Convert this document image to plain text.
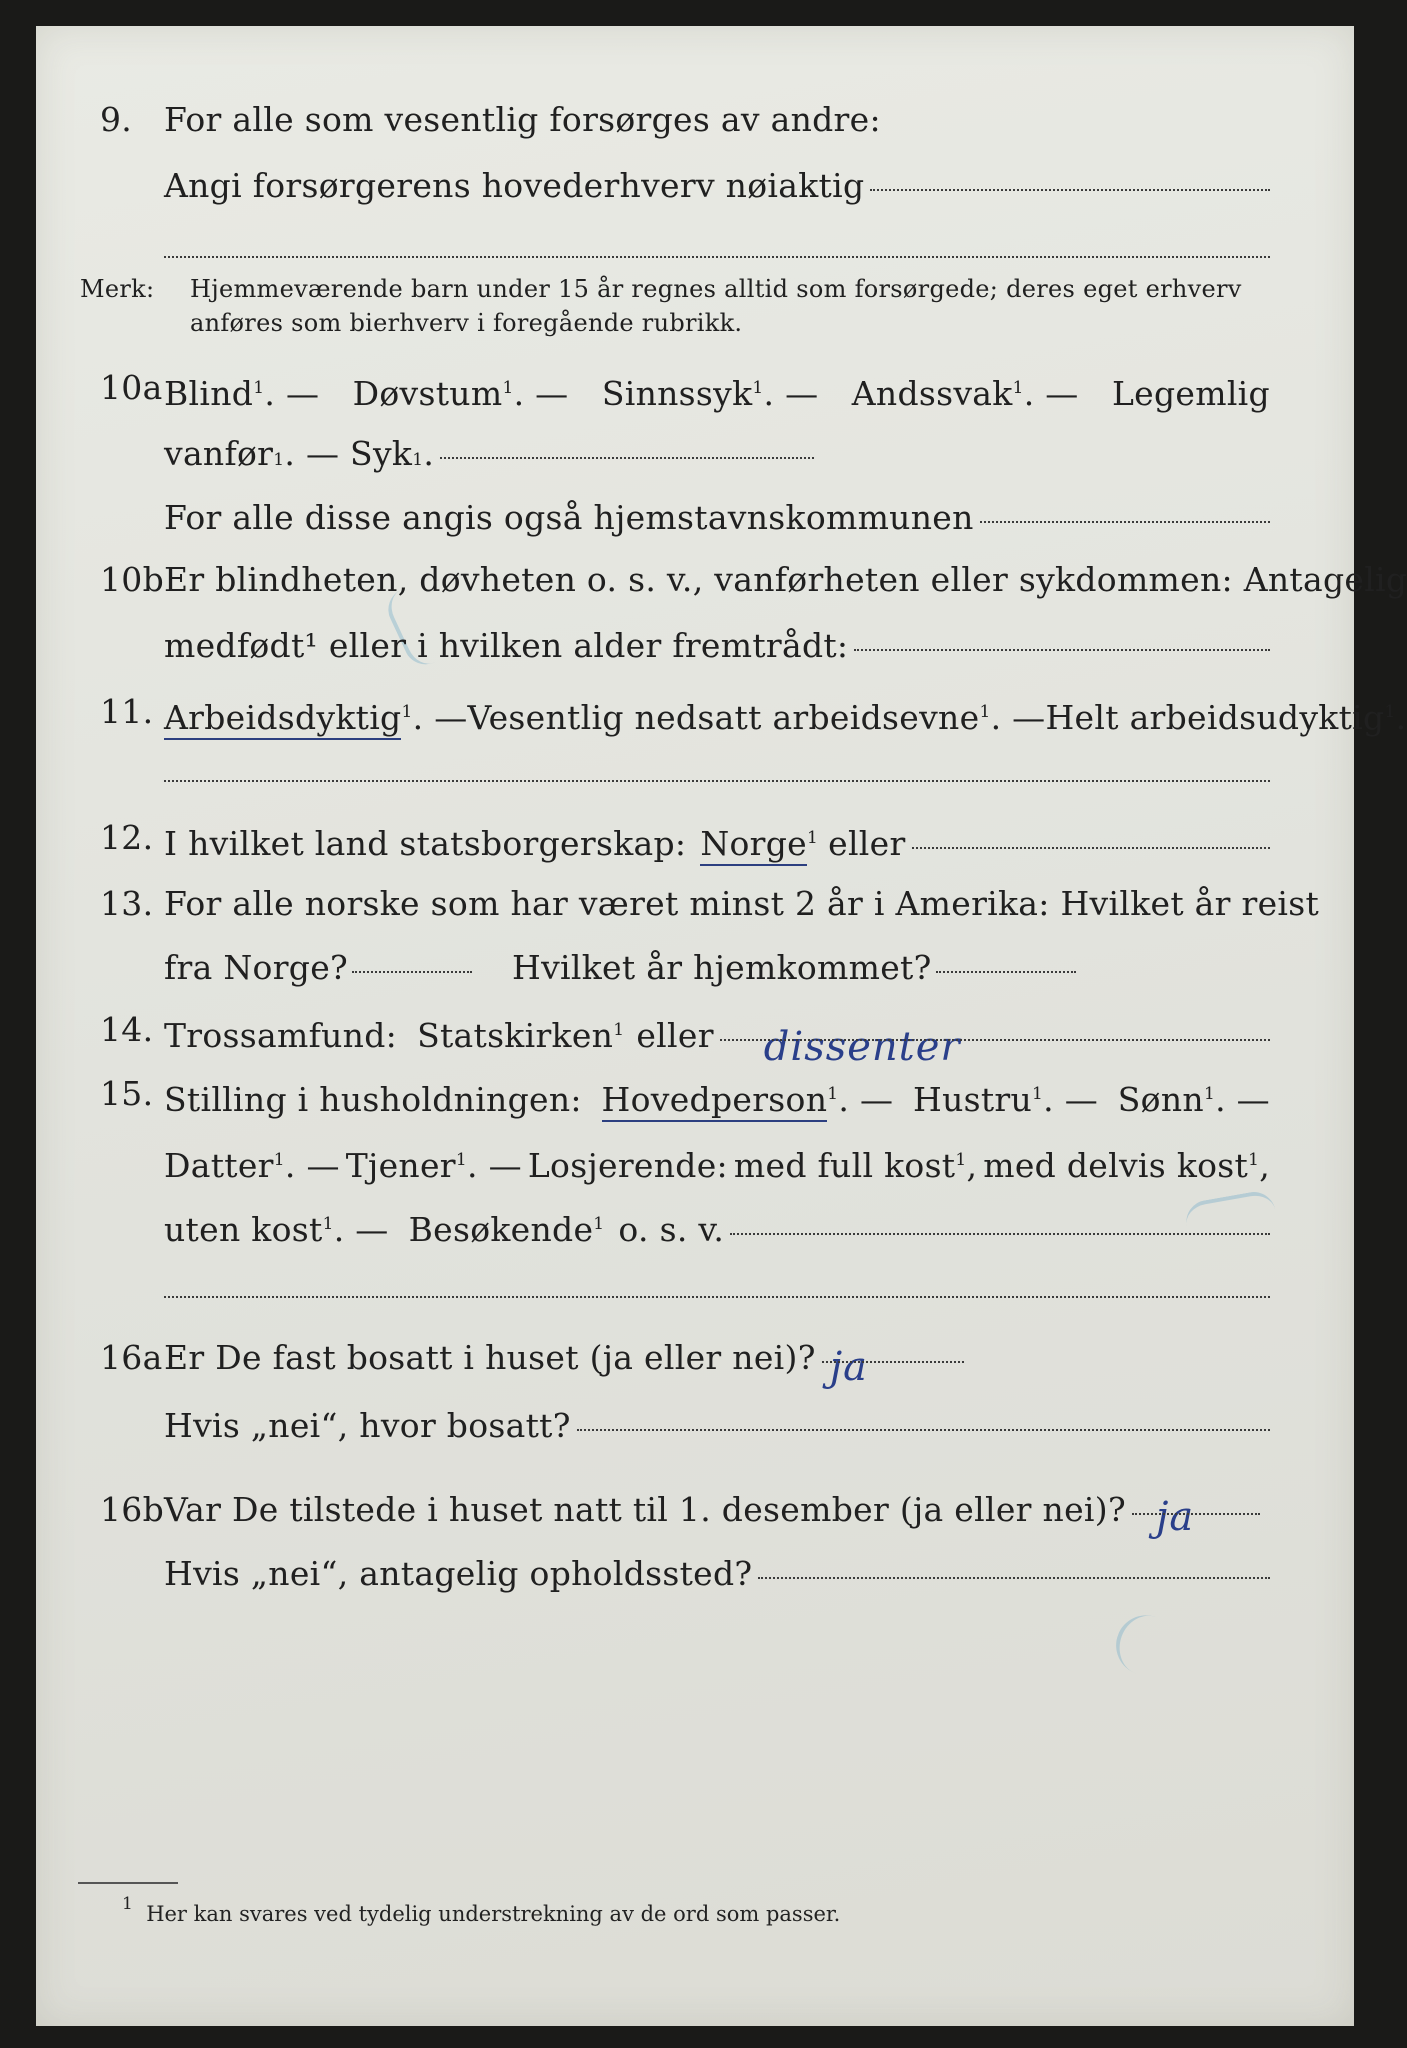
9. For alle som vesentlig forsørges av andre:
Angi forsørgerens hovederhverv nøiaktig
Merk: Hjemmeværende barn under 15 år regnes alltid som forsørgede; deres eget erhverv
anføres som bierhverv i foregående rubrikk.
10a Blind$^1$. — Døvstum$^1$. — Sinnssyk$^1$. — Andssvak$^1$. — Legemlig
vanfør 1 . — Syk 1 .
For alle disse angis også hjemstavnskommunen
10b Er blindheten, døvheten o. s. v., vanførheten eller sykdommen: Antagelig
medfødt¹ eller i hvilken alder fremtrådt:
11. Arbeidsdyktig$^1$. — Vesentlig nedsatt arbeidsevne$^1$. — Helt arbeidsudyktig$^1$.
12. I hvilket land statsborgerskap: Norge$^1$ eller
13. For alle norske som har været minst 2 år i Amerika: Hvilket år reist
fra Norge?	Hvilket år hjemkommet?
14. Trossamfund: Statskirken$^1$ eller dissenter
15. Stilling i husholdningen: Hovedperson$^1$. — Hustru$^1$. — Sønn$^1$. —
Datter$^1$. — Tjener$^1$. — Losjerende: med full kost$^1$, med delvis kost$^1$,
uten kost$^1$. — Besøkende$^1$ o. s. v.
16a Er De fast bosatt i huset (ja eller nei)? ja
Hvis „nei“, hvor bosatt?
16b Var De tilstede i huset natt til 1. desember (ja eller nei)? ja
Hvis „nei“, antagelig opholdssted?
$^1$ Her kan svares ved tydelig understrekning av de ord som passer.
